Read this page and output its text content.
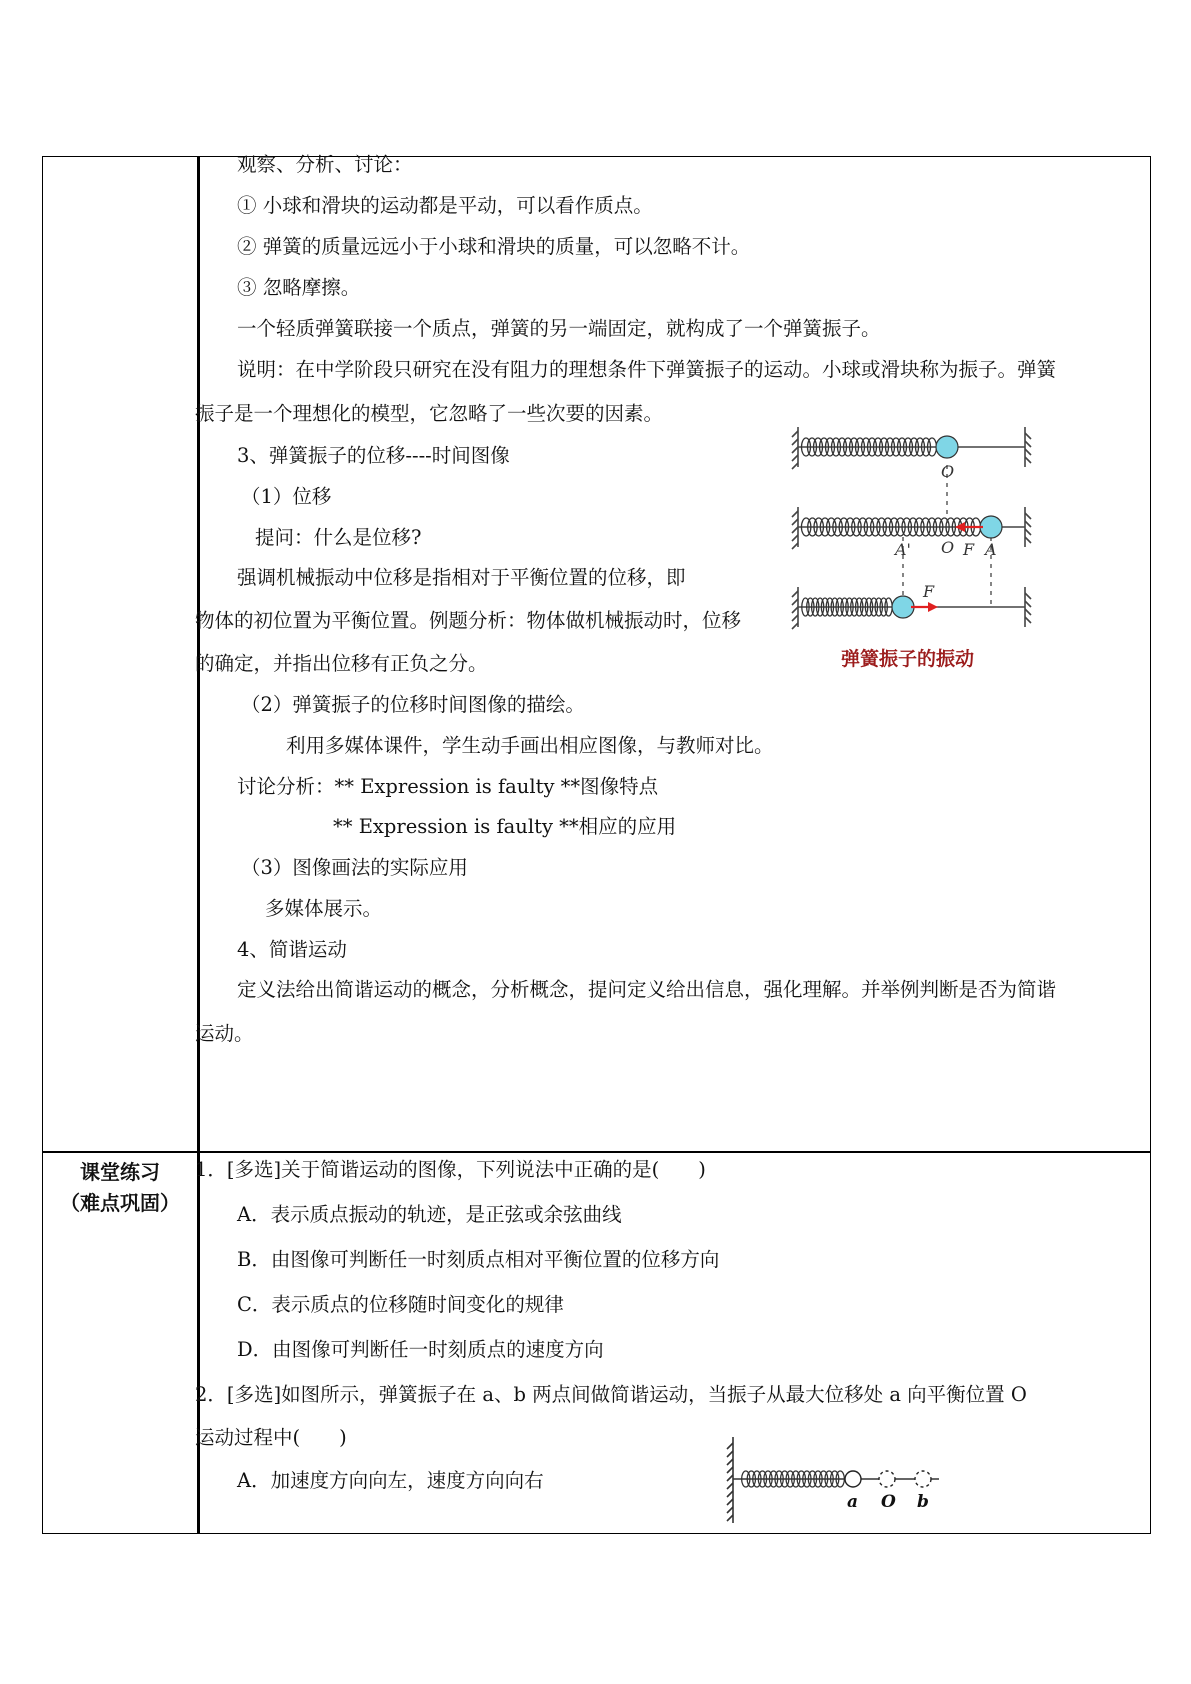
观察、分析、讨论：
① 小球和滑块的运动都是平动，可以看作质点。
② 弹簧的质量远远小于小球和滑块的质量，可以忽略不计。
③ 忽略摩擦。
一个轻质弹簧联接一个质点，弹簧的另一端固定，就构成了一个弹簧振子。
说明：在中学阶段只研究在没有阻力的理想条件下弹簧振子的运动。小球或滑块称为振子。弹簧
振子是一个理想化的模型，它忽略了一些次要的因素。
3、弹簧振子的位移----时间图像
（1）位移
提问：什么是位移?
强调机械振动中位移是指相对于平衡位置的位移，即
物体的初位置为平衡位置。例题分析：物体做机械振动时，位移
的确定，并指出位移有正负之分。
（2）弹簧振子的位移时间图像的描绘。
利用多媒体课件，学生动手画出相应图像，与教师对比。
讨论分析：** Expression is faulty **图像特点
** Expression is faulty **相应的应用
（3）图像画法的实际应用
多媒体展示。
4、简谐运动
定义法给出简谐运动的概念，分析概念，提问定义给出信息，强化理解。并举例判断是否为简谐
运动。
O
A' O F A
F
弹簧振子的振动
课堂练习
（难点巩固）
1．[多选]关于简谐运动的图像，下列说法中正确的是(　　)
A．表示质点振动的轨迹，是正弦或余弦曲线
B．由图像可判断任一时刻质点相对平衡位置的位移方向
C．表示质点的位移随时间变化的规律
D．由图像可判断任一时刻质点的速度方向
2．[多选]如图所示，弹簧振子在 a、b 两点间做简谐运动，当振子从最大位移处 a 向平衡位置 O
运动过程中(　　)
A．加速度方向向左，速度方向向右
a O b
